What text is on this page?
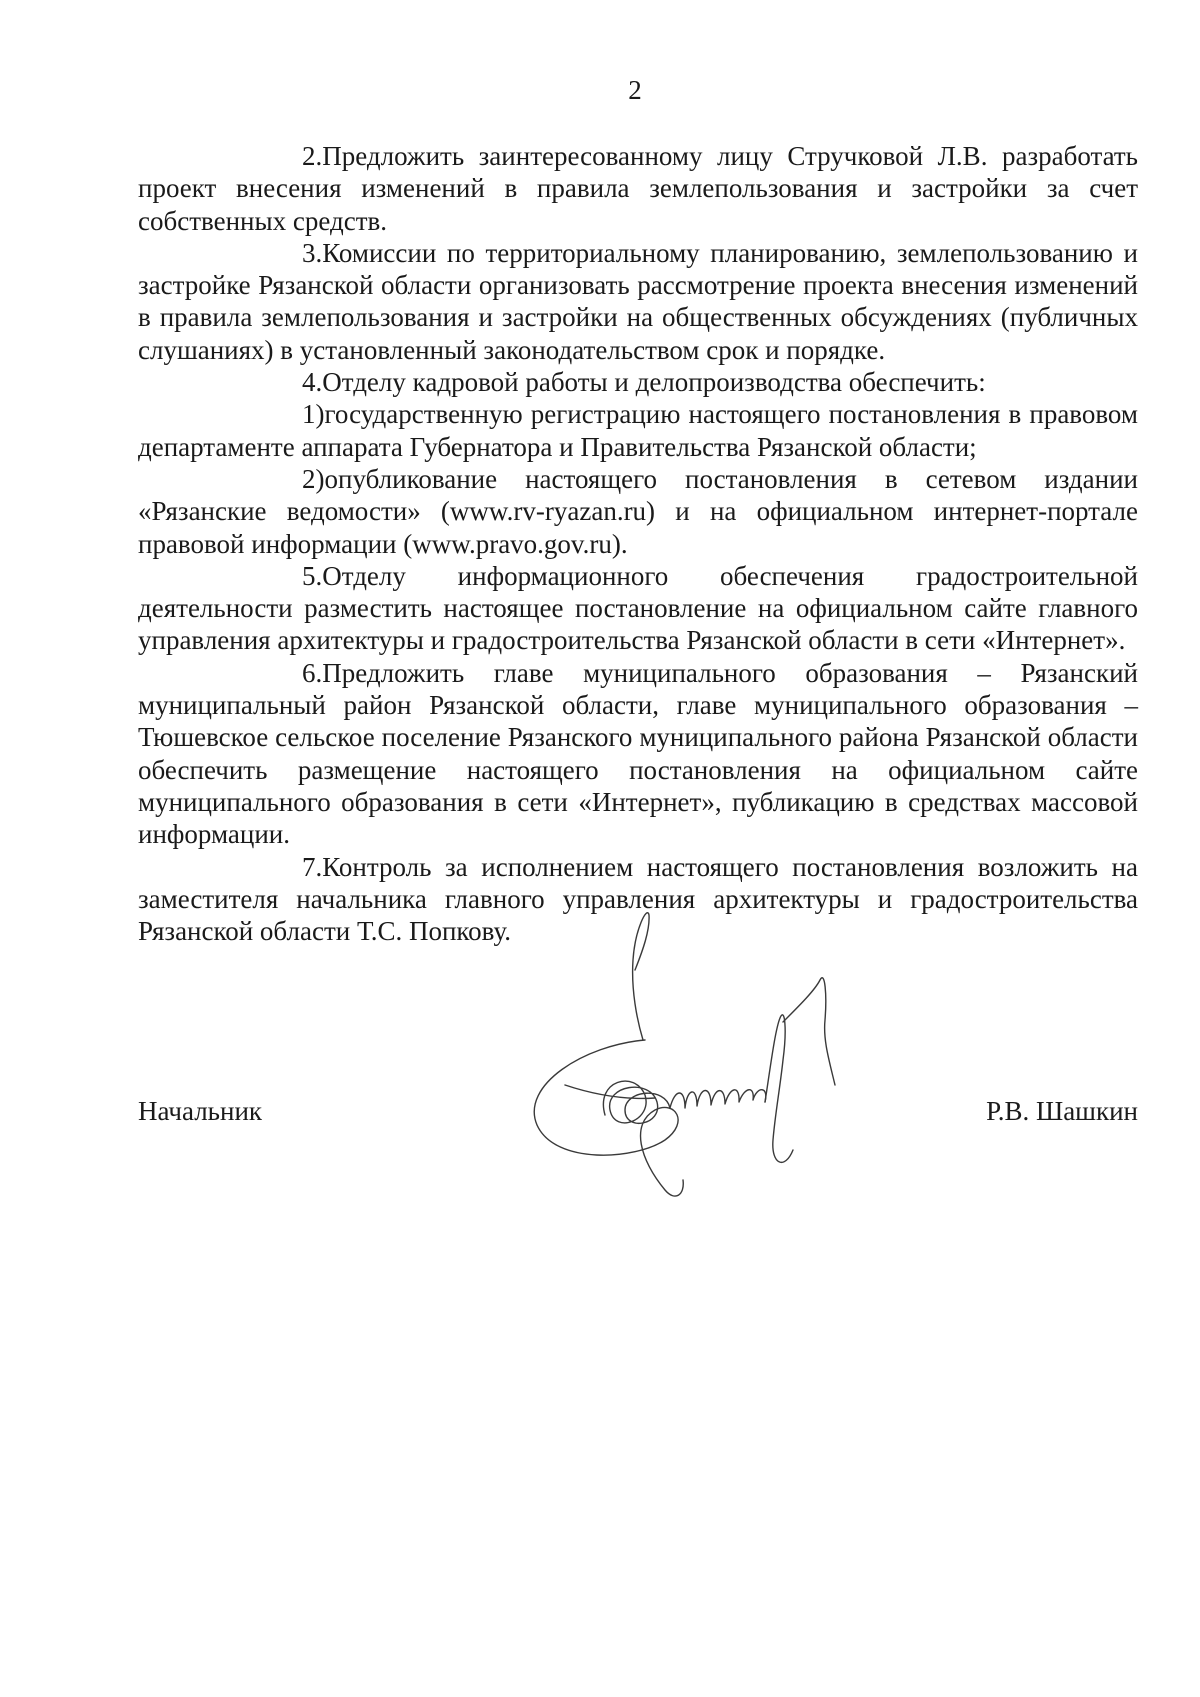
2

2.Предложить заинтересованному лицу Стручковой Л.В. разработать проект внесения изменений в правила землепользования и застройки за счет собственных средств.

3.Комиссии по территориальному планированию, землепользованию и застройке Рязанской области организовать рассмотрение проекта внесения изменений в правила землепользования и застройки на общественных обсуждениях (публичных слушаниях) в установленный законодательством срок и порядке.

4.Отделу кадровой работы и делопроизводства обеспечить:

1)государственную регистрацию настоящего постановления в правовом департаменте аппарата Губернатора и Правительства Рязанской области;

2)опубликование настоящего постановления в сетевом издании «Рязанские ведомости» (www.rv-ryazan.ru) и на официальном интернет-портале правовой информации (www.pravo.gov.ru).

5.Отделу информационного обеспечения градостроительной деятельности разместить настоящее постановление на официальном сайте главного управления архитектуры и градостроительства Рязанской области в сети «Интернет».

6.Предложить главе муниципального образования – Рязанский муниципальный район Рязанской области, главе муниципального образования – Тюшевское сельское поселение Рязанского муниципального района Рязанской области обеспечить размещение настоящего постановления на официальном сайте муниципального образования в сети «Интернет», публикацию в средствах массовой информации.

7.Контроль за исполнением настоящего постановления возложить на заместителя начальника главного управления архитектуры и градостроительства Рязанской области Т.С. Попкову.

Начальник	Р.В. Шашкин
